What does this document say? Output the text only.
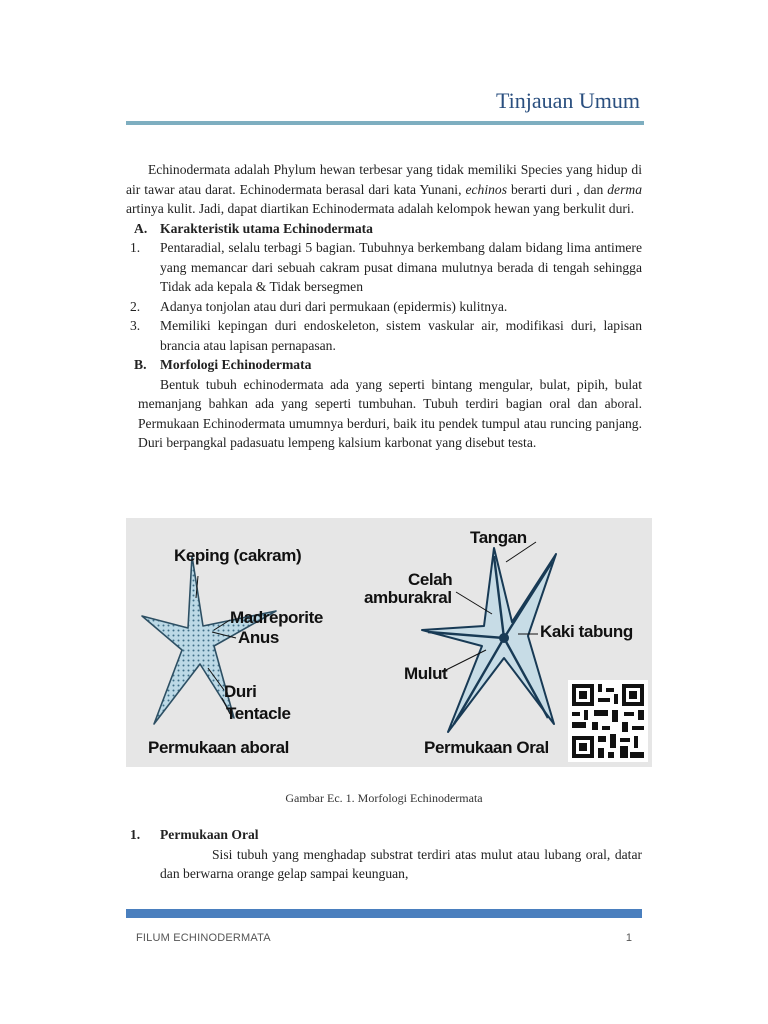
Tinjauan Umum

Echinodermata adalah Phylum hewan terbesar yang tidak memiliki Species yang hidup di air tawar atau darat. Echinodermata berasal dari kata Yunani, echinos berarti duri , dan derma artinya kulit. Jadi, dapat diartikan Echinodermata adalah kelompok hewan yang berkulit duri.

A. Karakteristik utama Echinodermata
1.	Pentaradial, selalu terbagi 5 bagian. Tubuhnya berkembang dalam bidang lima antimere yang memancar dari sebuah cakram pusat dimana mulutnya berada di tengah sehingga Tidak ada kepala & Tidak bersegmen
2.	Adanya tonjolan atau duri dari permukaan (epidermis) kulitnya.
3.	Memiliki kepingan duri endoskeleton, sistem vaskular air, modifikasi duri, lapisan brancia atau lapisan pernapasan.
B. Morfologi Echinodermata

Bentuk tubuh echinodermata ada yang seperti bintang mengular, bulat, pipih, bulat memanjang bahkan ada yang seperti tumbuhan. Tubuh terdiri bagian oral dan aboral. Permukaan Echinodermata umumnya berduri, baik itu pendek tumpul atau runcing panjang. Duri berpangkal padasuatu lempeng kalsium karbonat yang disebut testa.

Keping (cakram)
Madreporite
Anus
Duri
Tentacle
Permukaan aboral
Tangan
Celah
amburakral
Kaki tabung
Mulut
Permukaan Oral
Gambar Ec. 1. Morfologi Echinodermata
1.	Permukaan Oral

Sisi tubuh yang menghadap substrat terdiri atas mulut atau lubang oral, datar dan berwarna orange gelap sampai keunguan,

FILUM ECHINODERMATA	1
